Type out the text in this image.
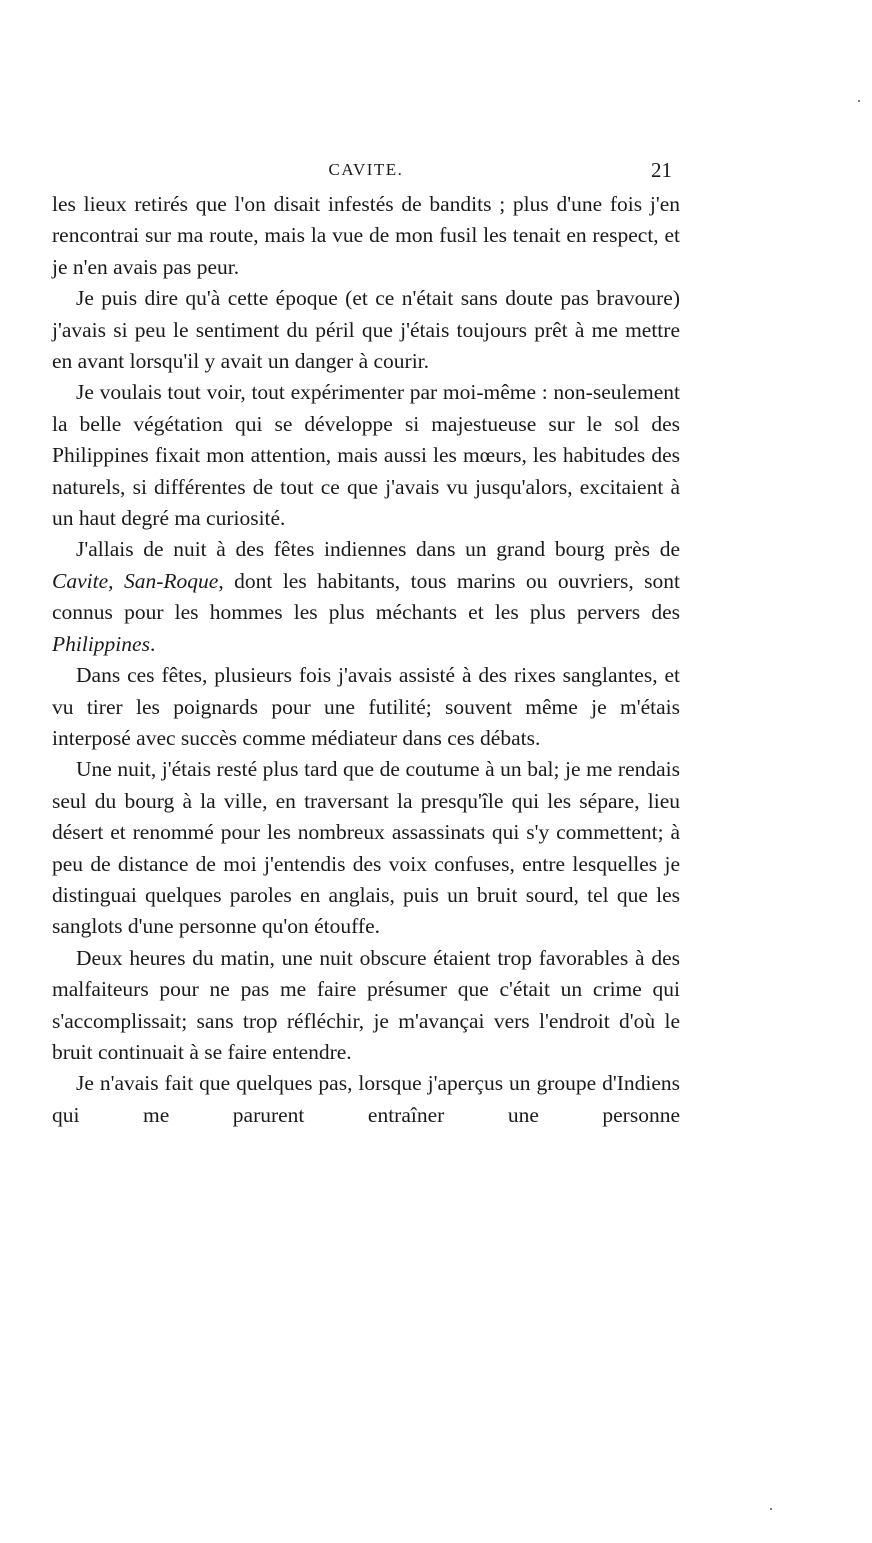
CAVITE.	21

les lieux retirés que l'on disait infestés de bandits ; plus d'une fois j'en rencontrai sur ma route, mais la vue de mon fusil les tenait en respect, et je n'en avais pas peur.

Je puis dire qu'à cette époque (et ce n'était sans doute pas bravoure) j'avais si peu le sentiment du péril que j'étais toujours prêt à me mettre en avant lorsqu'il y avait un danger à courir.

Je voulais tout voir, tout expérimenter par moi-même : non-seulement la belle végétation qui se développe si majestueuse sur le sol des Philippines fixait mon attention, mais aussi les mœurs, les habitudes des naturels, si différentes de tout ce que j'avais vu jusqu'alors, excitaient à un haut degré ma curiosité.

J'allais de nuit à des fêtes indiennes dans un grand bourg près de Cavite, San-Roque, dont les habitants, tous marins ou ouvriers, sont connus pour les hommes les plus méchants et les plus pervers des Philippines.

Dans ces fêtes, plusieurs fois j'avais assisté à des rixes sanglantes, et vu tirer les poignards pour une futilité; souvent même je m'étais interposé avec succès comme médiateur dans ces débats.

Une nuit, j'étais resté plus tard que de coutume à un bal; je me rendais seul du bourg à la ville, en traversant la presqu'île qui les sépare, lieu désert et renommé pour les nombreux assassinats qui s'y commettent; à peu de distance de moi j'entendis des voix confuses, entre lesquelles je distinguai quelques paroles en anglais, puis un bruit sourd, tel que les sanglots d'une personne qu'on étouffe.

Deux heures du matin, une nuit obscure étaient trop favorables à des malfaiteurs pour ne pas me faire présumer que c'était un crime qui s'accomplissait; sans trop réfléchir, je m'avançai vers l'endroit d'où le bruit continuait à se faire entendre.

Je n'avais fait que quelques pas, lorsque j'aperçus un groupe d'Indiens qui me parurent entraîner une personne
